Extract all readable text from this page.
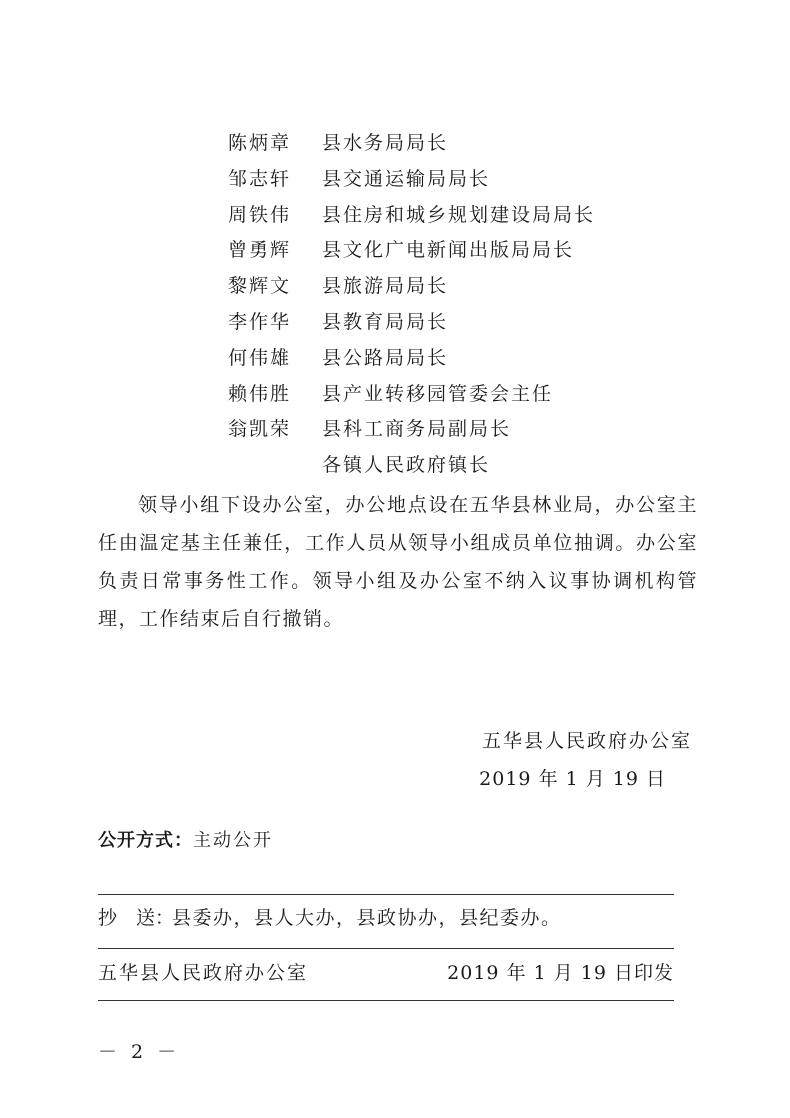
陈炳章 县水务局局长
邹志轩 县交通运输局局长
周铁伟 县住房和城乡规划建设局局长
曾勇辉 县文化广电新闻出版局局长
黎辉文 县旅游局局长
李作华 县教育局局长
何伟雄 县公路局局长
赖伟胜 县产业转移园管委会主任
翁凯荣 县科工商务局副局长
各镇人民政府镇长

领导小组下设办公室，办公地点设在五华县林业局，办公室主任由温定基主任兼任，工作人员从领导小组成员单位抽调。办公室负责日常事务性工作。领导小组及办公室不纳入议事协调机构管理，工作结束后自行撤销。

五华县人民政府办公室
2019 年 1 月 19 日
公开方式：主动公开
抄　送：县委办，县人大办，县政协办，县纪委办。
五华县人民政府办公室	2019 年 1 月 19 日印发
－ 2 －
